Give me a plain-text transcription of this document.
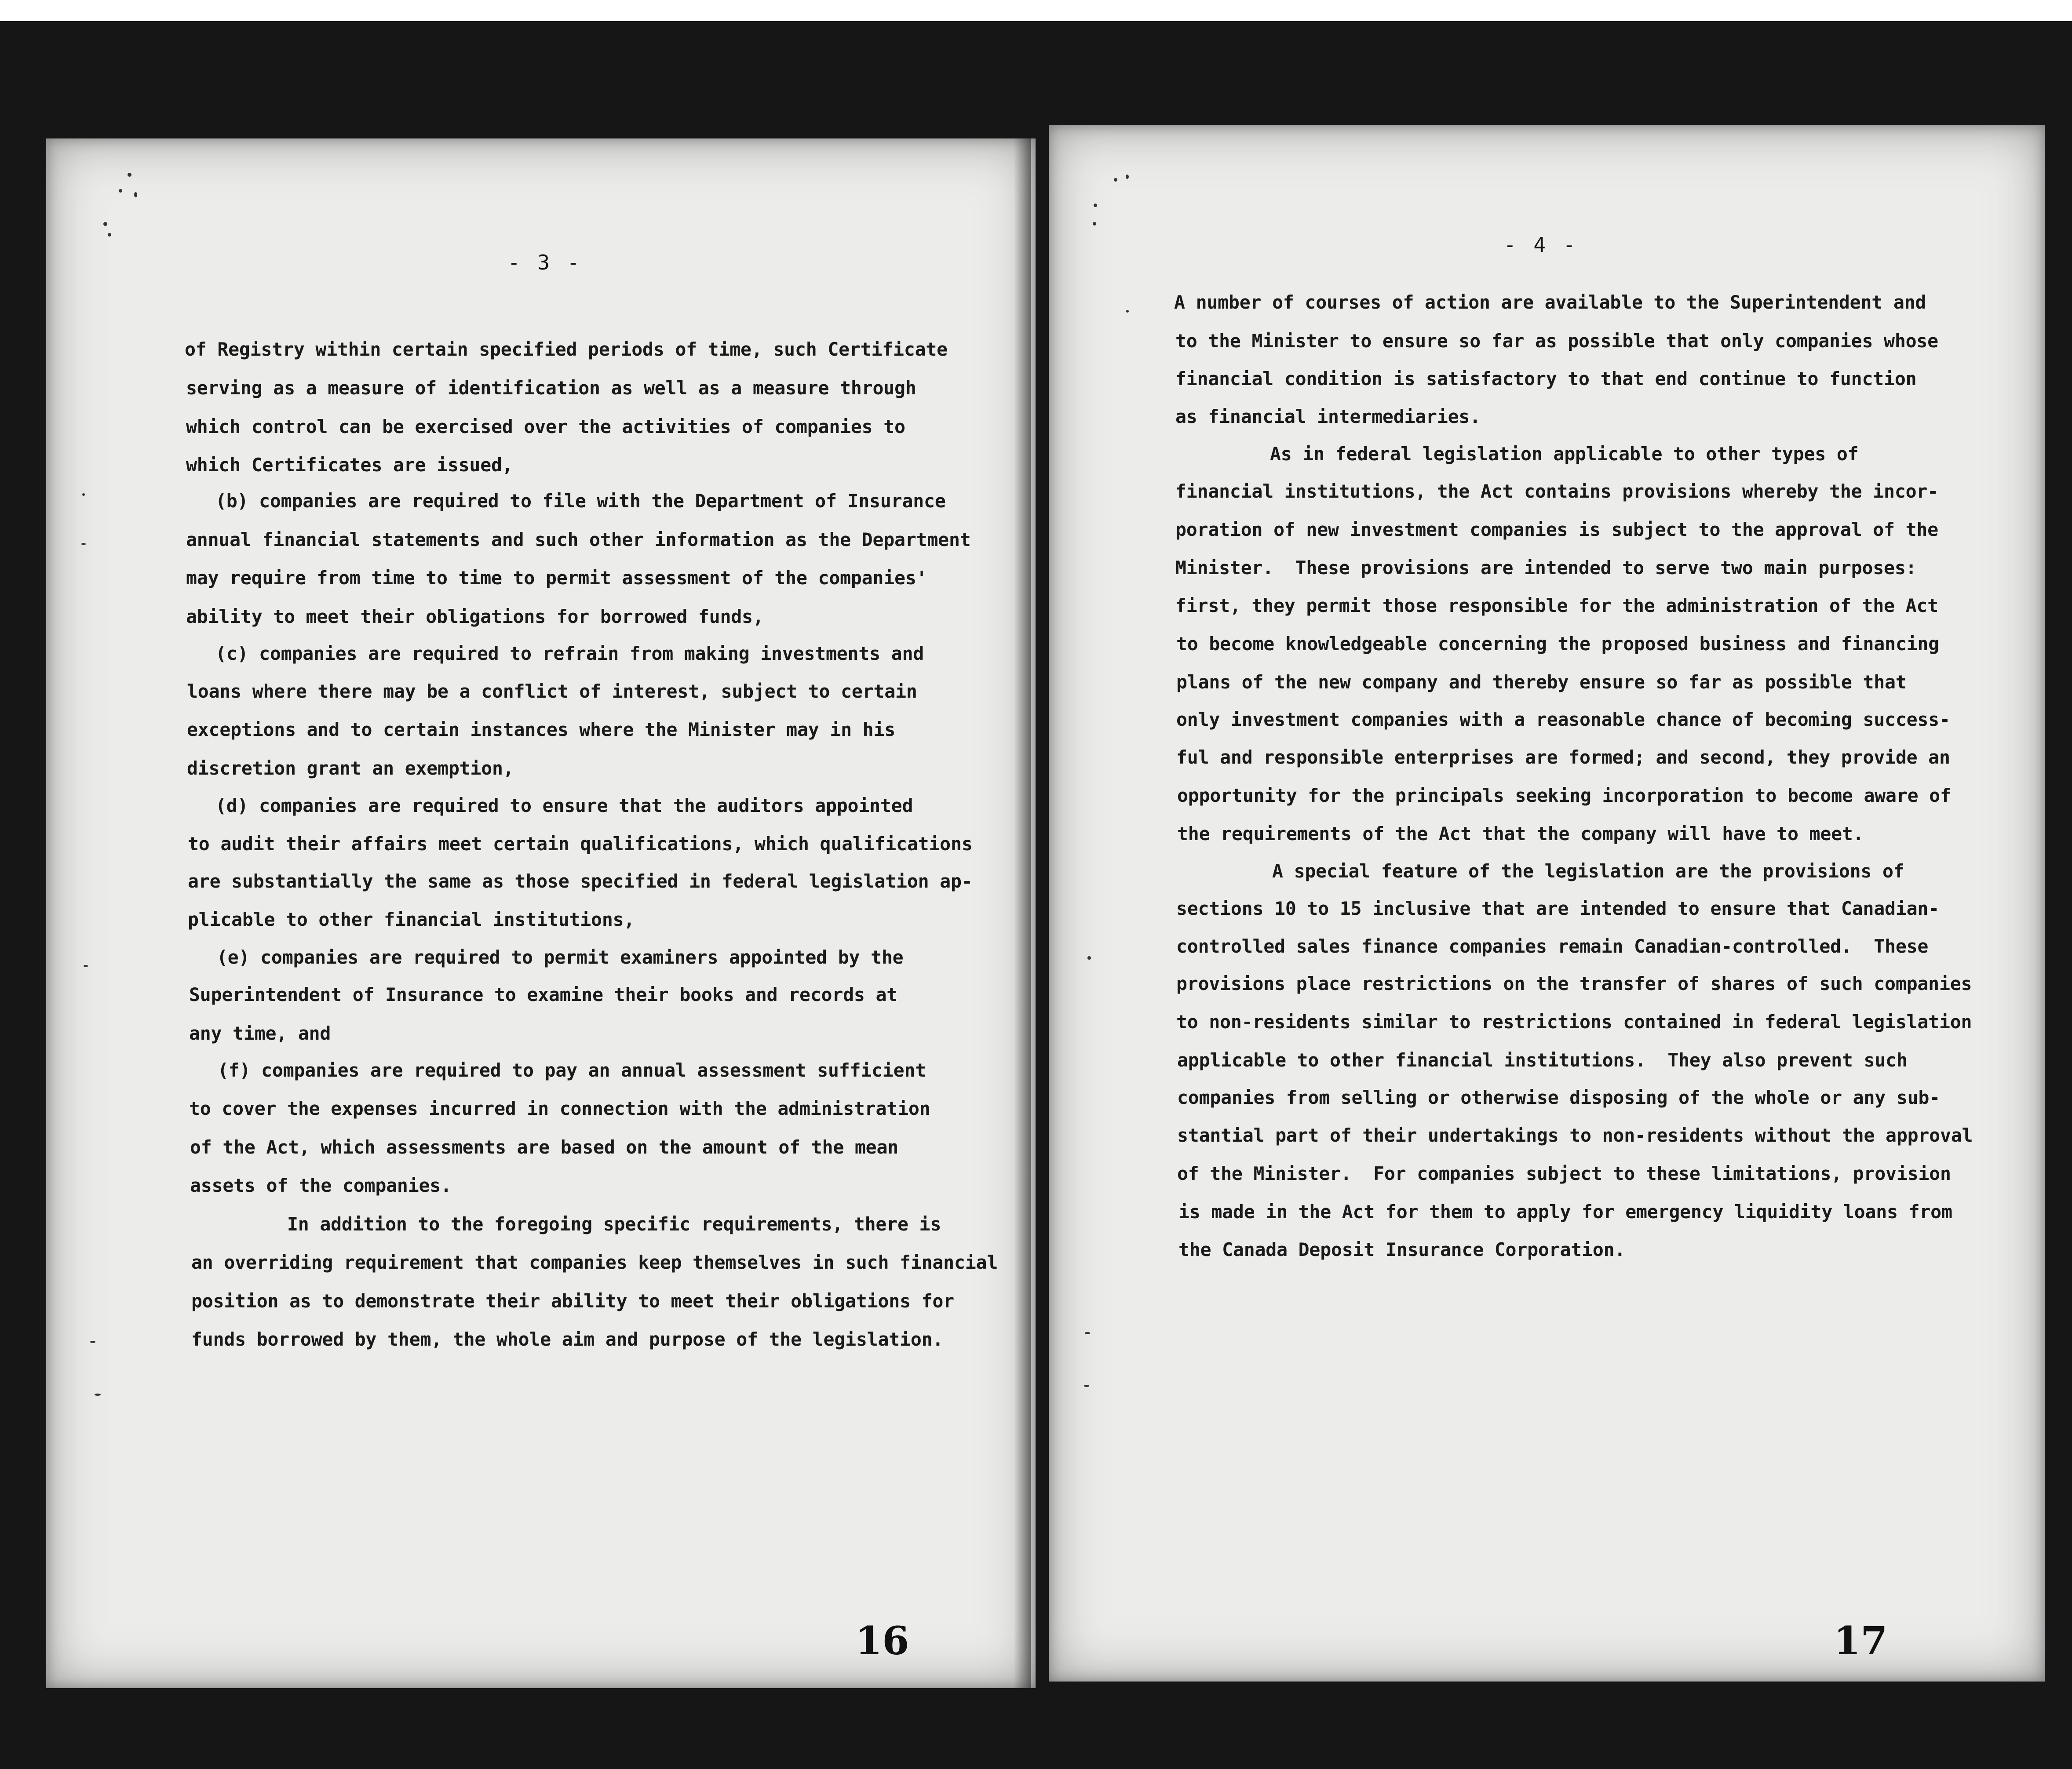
- 3 -
of Registry within certain specified periods of time, such Certificate
serving as a measure of identification as well as a measure through
which control can be exercised over the activities of companies to
which Certificates are issued,
(b) companies are required to file with the Department of Insurance
annual financial statements and such other information as the Department
may require from time to time to permit assessment of the companies'
ability to meet their obligations for borrowed funds,
(c) companies are required to refrain from making investments and
loans where there may be a conflict of interest, subject to certain
exceptions and to certain instances where the Minister may in his
discretion grant an exemption,
(d) companies are required to ensure that the auditors appointed
to audit their affairs meet certain qualifications, which qualifications
are substantially the same as those specified in federal legislation ap-
plicable to other financial institutions,
(e) companies are required to permit examiners appointed by the
Superintendent of Insurance to examine their books and records at
any time, and
(f) companies are required to pay an annual assessment sufficient
to cover the expenses incurred in connection with the administration
of the Act, which assessments are based on the amount of the mean
assets of the companies.
In addition to the foregoing specific requirements, there is
an overriding requirement that companies keep themselves in such financial
position as to demonstrate their ability to meet their obligations for
funds borrowed by them, the whole aim and purpose of the legislation.
16
- 4 -
A number of courses of action are available to the Superintendent and
to the Minister to ensure so far as possible that only companies whose
financial condition is satisfactory to that end continue to function
as financial intermediaries.
As in federal legislation applicable to other types of
financial institutions, the Act contains provisions whereby the incor-
poration of new investment companies is subject to the approval of the
Minister.  These provisions are intended to serve two main purposes:
first, they permit those responsible for the administration of the Act
to become knowledgeable concerning the proposed business and financing
plans of the new company and thereby ensure so far as possible that
only investment companies with a reasonable chance of becoming success-
ful and responsible enterprises are formed; and second, they provide an
opportunity for the principals seeking incorporation to become aware of
the requirements of the Act that the company will have to meet.
A special feature of the legislation are the provisions of
sections 10 to 15 inclusive that are intended to ensure that Canadian-
controlled sales finance companies remain Canadian-controlled.  These
provisions place restrictions on the transfer of shares of such companies
to non-residents similar to restrictions contained in federal legislation
applicable to other financial institutions.  They also prevent such
companies from selling or otherwise disposing of the whole or any sub-
stantial part of their undertakings to non-residents without the approval
of the Minister.  For companies subject to these limitations, provision
is made in the Act for them to apply for emergency liquidity loans from
the Canada Deposit Insurance Corporation.
17
